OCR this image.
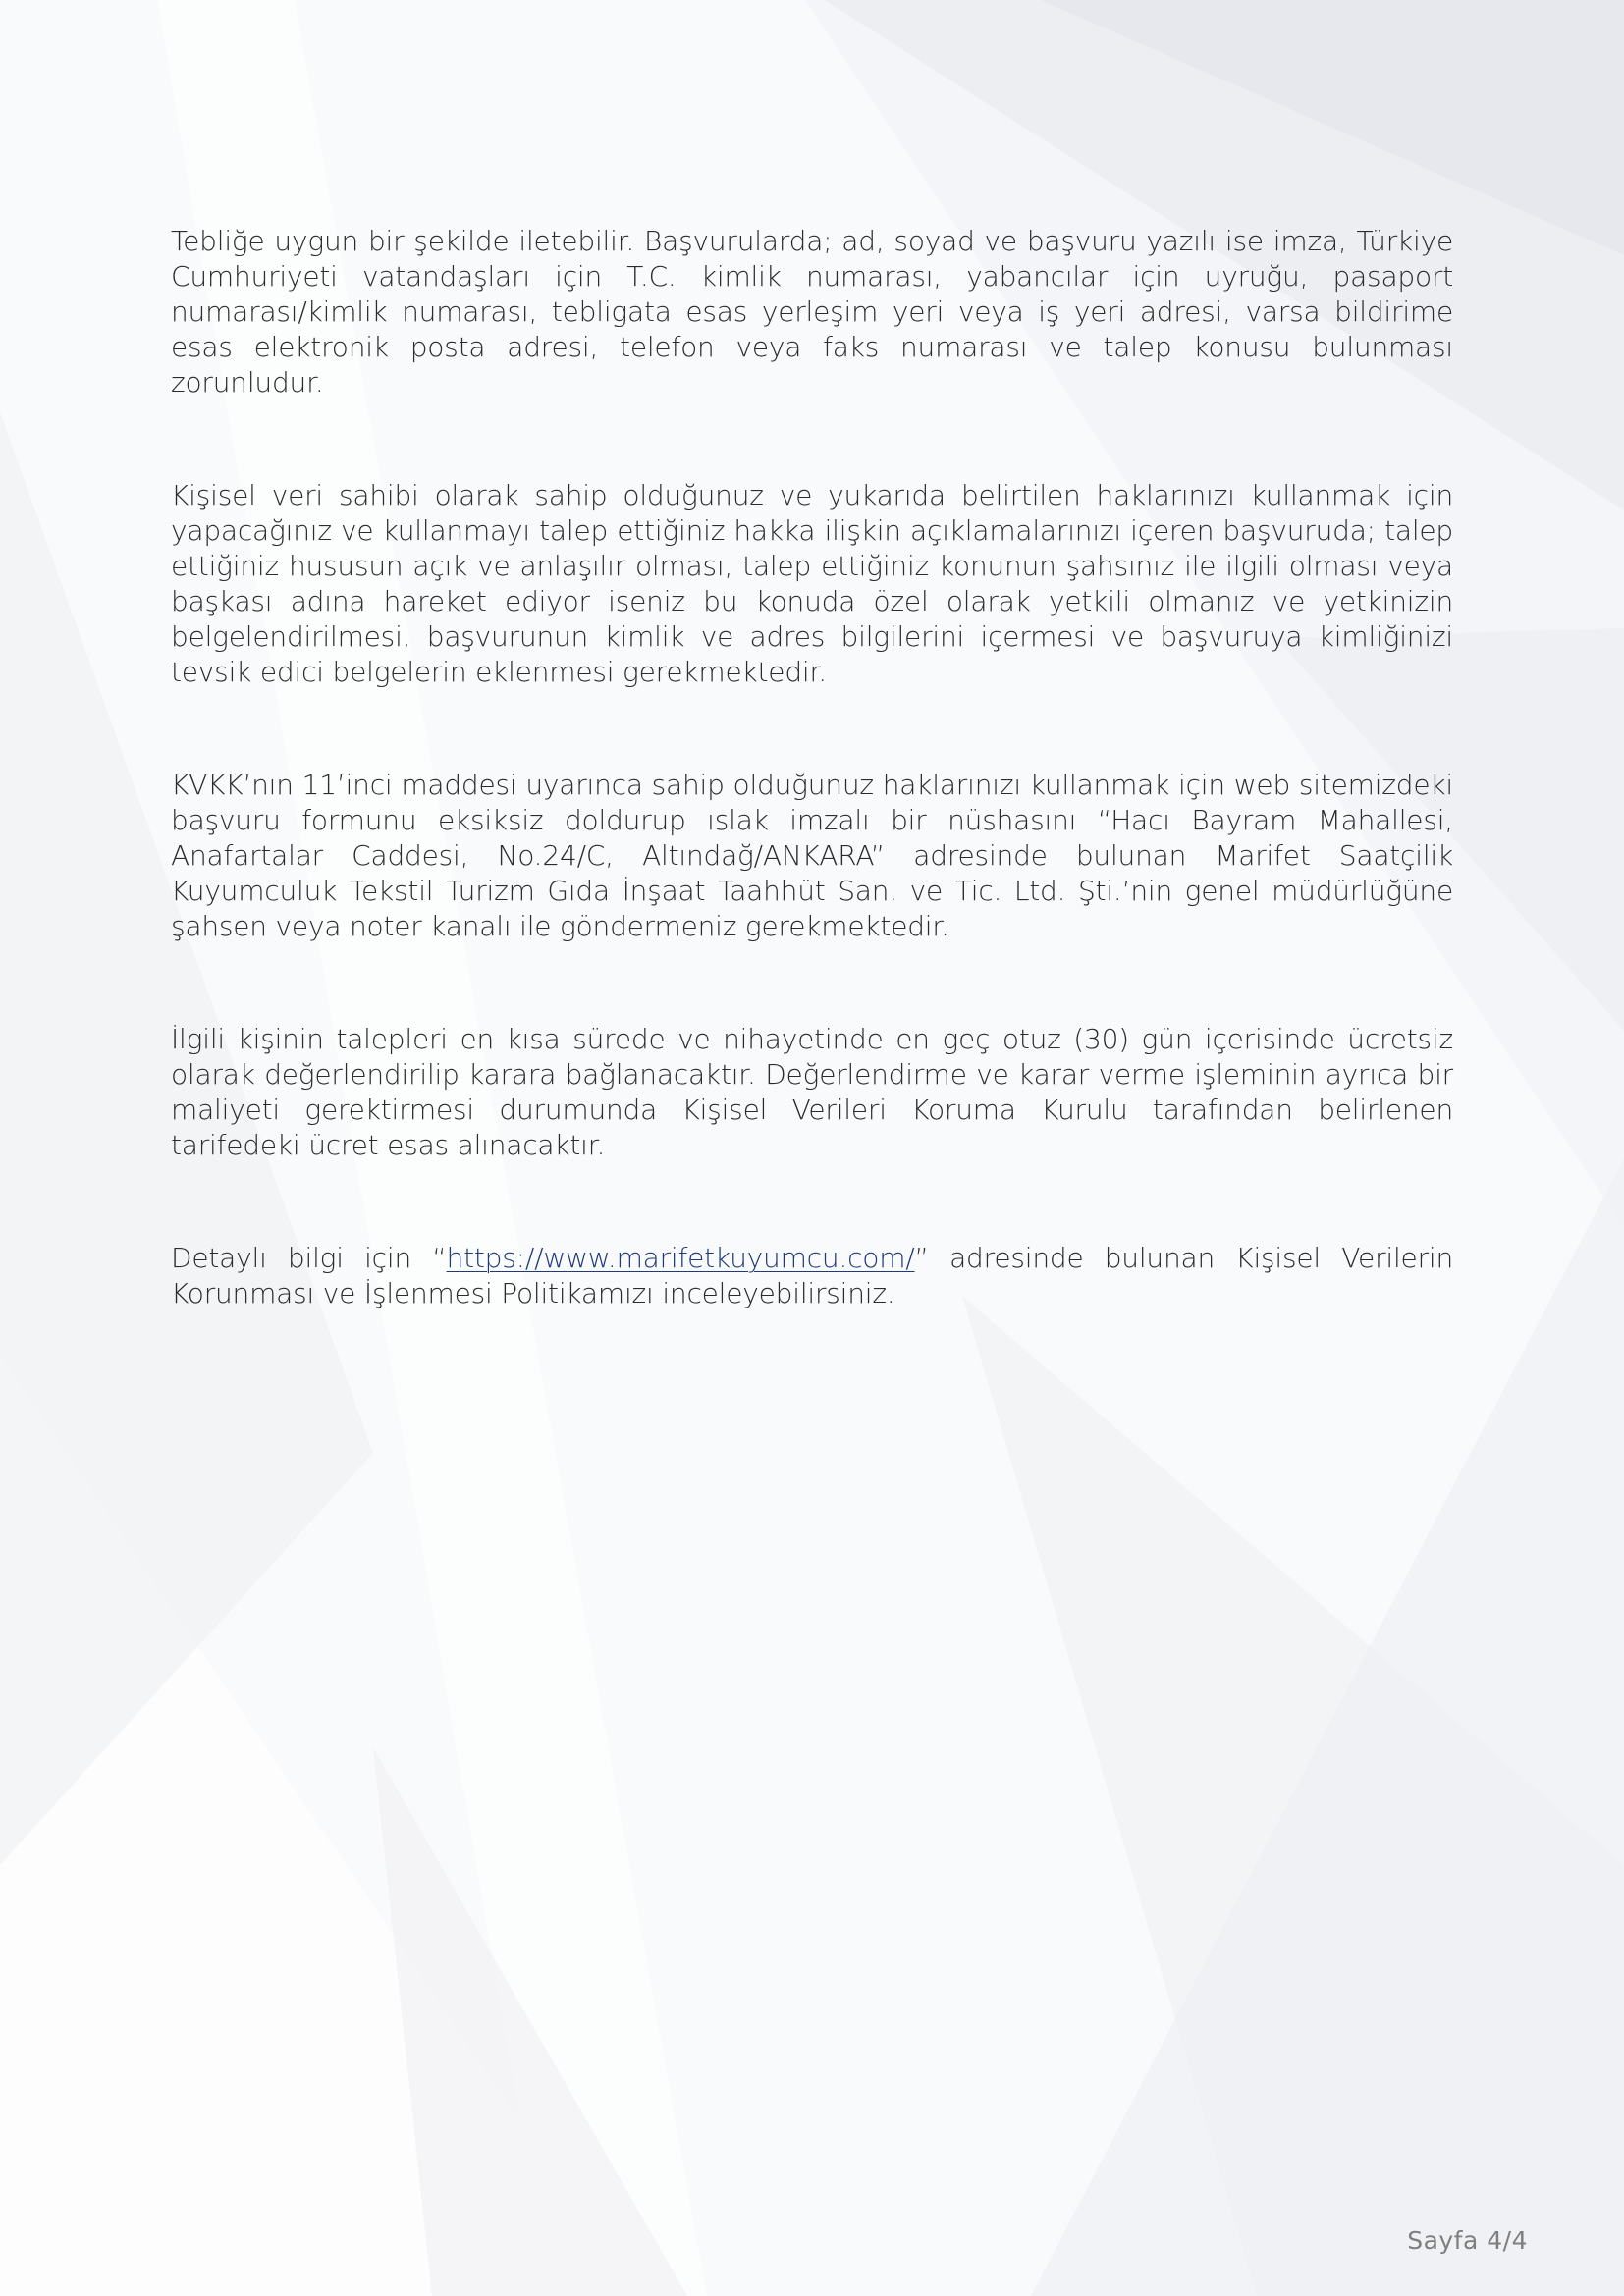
Tebliğe uygun bir şekilde iletebilir. Başvurularda; ad, soyad ve başvuru yazılı ise imza, Türkiye Cumhuriyeti vatandaşları için T.C. kimlik numarası, yabancılar için uyruğu, pasaport numarası/kimlik numarası, tebligata esas yerleşim yeri veya iş yeri adresi, varsa bildirime esas elektronik posta adresi, telefon veya faks numarası ve talep konusu bulunması zorunludur.

Kişisel veri sahibi olarak sahip olduğunuz ve yukarıda belirtilen haklarınızı kullanmak için yapacağınız ve kullanmayı talep ettiğiniz hakka ilişkin açıklamalarınızı içeren başvuruda; talep ettiğiniz hususun açık ve anlaşılır olması, talep ettiğiniz konunun şahsınız ile ilgili olması veya başkası adına hareket ediyor iseniz bu konuda özel olarak yetkili olmanız ve yetkinizin belgelendirilmesi, başvurunun kimlik ve adres bilgilerini içermesi ve başvuruya kimliğinizi tevsik edici belgelerin eklenmesi gerekmektedir.

KVKK’nın 11’inci maddesi uyarınca sahip olduğunuz haklarınızı kullanmak için web sitemizdeki başvuru formunu eksiksiz doldurup ıslak imzalı bir nüshasını “Hacı Bayram Mahallesi, Anafartalar Caddesi, No.24/C, Altındağ/ANKARA” adresinde bulunan Marifet Saatçilik Kuyumculuk Tekstil Turizm Gıda İnşaat Taahhüt San. ve Tic. Ltd. Şti.’nin genel müdürlüğüne şahsen veya noter kanalı ile göndermeniz gerekmektedir.

İlgili kişinin talepleri en kısa sürede ve nihayetinde en geç otuz (30) gün içerisinde ücretsiz olarak değerlendirilip karara bağlanacaktır. Değerlendirme ve karar verme işleminin ayrıca bir maliyeti gerektirmesi durumunda Kişisel Verileri Koruma Kurulu tarafından belirlenen tarifedeki ücret esas alınacaktır.

Detaylı bilgi için “https://www.marifetkuyumcu.com/” adresinde bulunan Kişisel Verilerin Korunması ve İşlenmesi Politikamızı inceleyebilirsiniz.

Sayfa 4/4
